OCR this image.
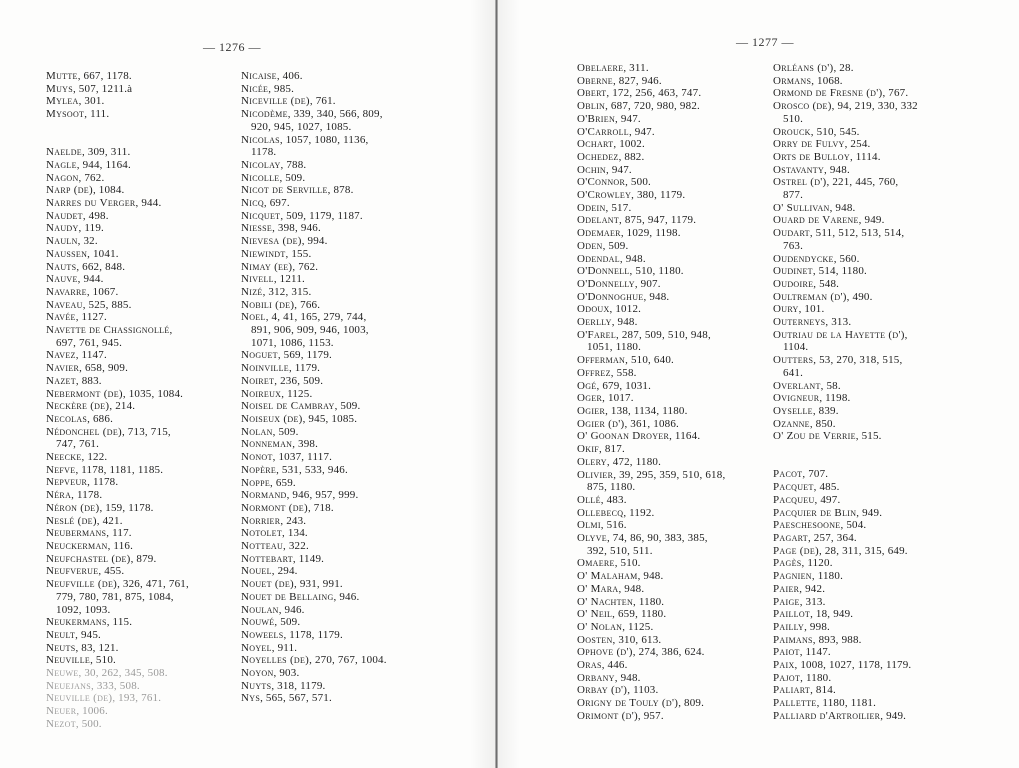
— 1276 —
Mutte, 667, 1178.
Muys, 507, 1211.à
Mylea, 301.
Mysoot, 111.
Naelde, 309, 311.
Nagle, 944, 1164.
Nagon, 762.
Narp (de), 1084.
Narres du Verger, 944.
Naudet, 498.
Naudy, 119.
Nauln, 32.
Naussen, 1041.
Nauts, 662, 848.
Nauve, 944.
Navarre, 1067.
Naveau, 525, 885.
Navée, 1127.
Navette de Chassignollé,
697, 761, 945.
Navez, 1147.
Navier, 658, 909.
Nazet, 883.
Nebermont (de), 1035, 1084.
Neckère (de), 214.
Necolas, 686.
Nédonchel (de), 713, 715,
747, 761.
Neecke, 122.
Nefve, 1178, 1181, 1185.
Nepveur, 1178.
Néra, 1178.
Néron (de), 159, 1178.
Neslé (de), 421.
Neubermans, 117.
Neuckerman, 116.
Neufchastel (de), 879.
Neufverue, 455.
Neufville (de), 326, 471, 761,
779, 780, 781, 875, 1084,
1092, 1093.
Neukermans, 115.
Neult, 945.
Neuts, 83, 121.
Neuville, 510.
Neuwe, 30, 262, 345, 508.
Neuejans, 333, 508.
Neuville (de), 193, 761.
Neuer, 1006.
Nezot, 500.
Nicaise, 406.
Nicée, 985.
Niceville (de), 761.
Nicodème, 339, 340, 566, 809,
920, 945, 1027, 1085.
Nicolas, 1057, 1080, 1136,
1178.
Nicolay, 788.
Nicolle, 509.
Nicot de Serville, 878.
Nicq, 697.
Nicquet, 509, 1179, 1187.
Niesse, 398, 946.
Nievesa (de), 994.
Niewindt, 155.
Nimay (ee), 762.
Nivell, 1211.
Nizé, 312, 315.
Nobili (de), 766.
Noel, 4, 41, 165, 279, 744,
891, 906, 909, 946, 1003,
1071, 1086, 1153.
Noguet, 569, 1179.
Noinville, 1179.
Noiret, 236, 509.
Noireux, 1125.
Noisel de Cambray, 509.
Noiseux (de), 945, 1085.
Nolan, 509.
Nonneman, 398.
Nonot, 1037, 1117.
Nopère, 531, 533, 946.
Noppe, 659.
Normand, 946, 957, 999.
Normont (de), 718.
Norrier, 243.
Notolet, 134.
Notteau, 322.
Nottebart, 1149.
Nouel, 294.
Nouet (de), 931, 991.
Nouet de Bellaing, 946.
Noulan, 946.
Nouwé, 509.
Noweels, 1178, 1179.
Noyel, 911.
Noyelles (de), 270, 767, 1004.
Noyon, 903.
Nuyts, 318, 1179.
Nys, 565, 567, 571.
— 1277 —
Obelaere, 311.
Oberne, 827, 946.
Obert, 172, 256, 463, 747.
Oblin, 687, 720, 980, 982.
O'Brien, 947.
O'Carroll, 947.
Ochart, 1002.
Ochedez, 882.
Ochin, 947.
O'Connor, 500.
O'Crowley, 380, 1179.
Odein, 517.
Odelant, 875, 947, 1179.
Odemaer, 1029, 1198.
Oden, 509.
Odendal, 948.
O'Donnell, 510, 1180.
O'Donnelly, 907.
O'Donnoghue, 948.
Odoux, 1012.
Oerlly, 948.
O'Farel, 287, 509, 510, 948,
1051, 1180.
Offerman, 510, 640.
Offrez, 558.
Ogé, 679, 1031.
Oger, 1017.
Ogier, 138, 1134, 1180.
Ogier (d'), 361, 1086.
O' Goonan Droyer, 1164.
Okif, 817.
Olery, 472, 1180.
Olivier, 39, 295, 359, 510, 618,
875, 1180.
Ollé, 483.
Ollebecq, 1192.
Olmi, 516.
Olyve, 74, 86, 90, 383, 385,
392, 510, 511.
Omaere, 510.
O' Malaham, 948.
O' Mara, 948.
O' Nachten, 1180.
O' Neil, 659, 1180.
O' Nolan, 1125.
Oosten, 310, 613.
Ophove (d'), 274, 386, 624.
Oras, 446.
Orbany, 948.
Orbay (d'), 1103.
Origny de Touly (d'), 809.
Orimont (d'), 957.
Orléans (d'), 28.
Ormans, 1068.
Ormond de Fresne (d'), 767.
Orosco (de), 94, 219, 330, 332
510.
Orouck, 510, 545.
Orry de Fulvy, 254.
Orts de Bulloy, 1114.
Ostavanty, 948.
Ostrel (d'), 221, 445, 760,
877.
O' Sullivan, 948.
Ouard de Varene, 949.
Oudart, 511, 512, 513, 514,
763.
Oudendycke, 560.
Oudinet, 514, 1180.
Oudoire, 548.
Oultreman (d'), 490.
Oury, 101.
Outerneys, 313.
Outriau de la Hayette (d'),
1104.
Outters, 53, 270, 318, 515,
641.
Overlant, 58.
Ovigneur, 1198.
Oyselle, 839.
Ozanne, 850.
O' Zou de Verrie, 515.
Pacot, 707.
Pacquet, 485.
Pacqueu, 497.
Pacquier de Blin, 949.
Paeschesoone, 504.
Pagart, 257, 364.
Page (de), 28, 311, 315, 649.
Pagès, 1120.
Pagnien, 1180.
Paier, 942.
Paige, 313.
Paillot, 18, 949.
Pailly, 998.
Paimans, 893, 988.
Paiot, 1147.
Paix, 1008, 1027, 1178, 1179.
Pajot, 1180.
Paliart, 814.
Pallette, 1180, 1181.
Palliard d'Artroilier, 949.
